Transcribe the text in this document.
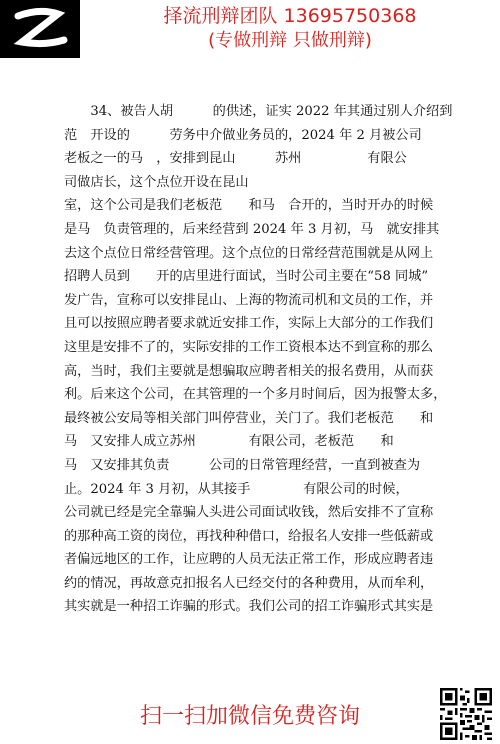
择流刑辩团队 13695750368
(专做刑辩 只做刑辩)
　　34、被告人胡　　　的供述，证实 2022 年其通过别人介绍到
范　开设的　　　劳务中介做业务员的，2024 年 2 月被公司
老板之一的马　，安排到昆山　　　苏州　　　　　有限公
司做店长，这个点位开设在昆山
室，这个公司是我们老板范　　和马　合开的，当时开办的时候
是马　负责管理的，后来经营到 2024 年 3 月初，马　就安排其
去这个点位日常经营管理。这个点位的日常经营范围就是从网上
招聘人员到　　开的店里进行面试，当时公司主要在“58 同城”
发广告，宣称可以安排昆山、上海的物流司机和文员的工作，并
且可以按照应聘者要求就近安排工作，实际上大部分的工作我们
这里是安排不了的，实际安排的工作工资根本达不到宣称的那么
高，当时，我们主要就是想骗取应聘者相关的报名费用，从而获
利。后来这个公司，在其管理的一个多月时间后，因为报警太多，
最终被公安局等相关部门叫停营业，关门了。我们老板范　　和
马　又安排人成立苏州　　　　有限公司，老板范　　和
马　又安排其负责　　　公司的日常管理经营，一直到被查为
止。2024 年 3 月初，从其接手　　　　有限公司的时候，
公司就已经是完全靠骗人头进公司面试收钱，然后安排不了宣称
的那种高工资的岗位，再找种种借口，给报名人安排一些低薪或
者偏远地区的工作，让应聘的人员无法正常工作，形成应聘者违
约的情况，再故意克扣报名人已经交付的各种费用，从而牟利，
其实就是一种招工诈骗的形式。我们公司的招工诈骗形式其实是
扫一扫加微信免费咨询
